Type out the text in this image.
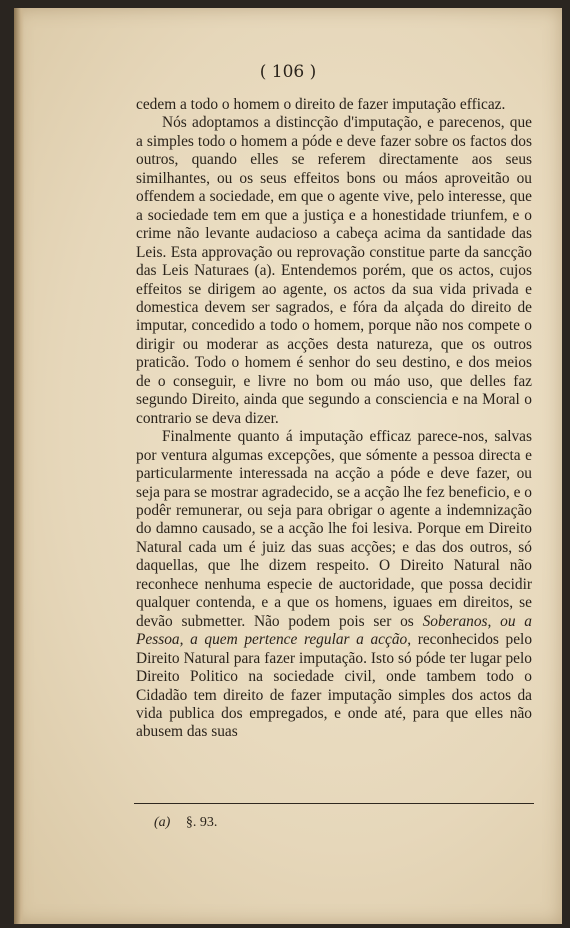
( 106 )

cedem a todo o homem o direito de fazer imputação efficaz.

Nós adoptamos a distincção d'imputação, e parecenos, que a simples todo o homem a póde e deve fazer sobre os factos dos outros, quando elles se referem directamente aos seus similhantes, ou os seus effeitos bons ou máos aproveitão ou offendem a sociedade, em que o agente vive, pelo interesse, que a sociedade tem em que a justiça e a honestidade triunfem, e o crime não levante audacioso a cabeça acima da santidade das Leis. Esta approvação ou reprovação constitue parte da sancção das Leis Naturaes (a). Entendemos porém, que os actos, cujos effeitos se dirigem ao agente, os actos da sua vida privada e domestica devem ser sagrados, e fóra da alçada do direito de imputar, concedido a todo o homem, porque não nos compete o dirigir ou moderar as acções desta natureza, que os outros praticão. Todo o homem é senhor do seu destino, e dos meios de o conseguir, e livre no bom ou máo uso, que delles faz segundo Direito, ainda que segundo a consciencia e na Moral o contrario se deva dizer.

Finalmente quanto á imputação efficaz parece-nos, salvas por ventura algumas excepções, que sómente a pessoa directa e particularmente interessada na acção a póde e deve fazer, ou seja para se mostrar agradecido, se a acção lhe fez beneficio, e o podêr remunerar, ou seja para obrigar o agente a indemnização do damno causado, se a acção lhe foi lesiva. Porque em Direito Natural cada um é juiz das suas acções; e das dos outros, só daquellas, que lhe dizem respeito. O Direito Natural não reconhece nenhuma especie de auctoridade, que possa decidir qualquer contenda, e a que os homens, iguaes em direitos, se devão submetter. Não podem pois ser os Soberanos, ou a Pessoa, a quem pertence regular a acção, reconhecidos pelo Direito Natural para fazer imputação. Isto só póde ter lugar pelo Direito Politico na sociedade civil, onde tambem todo o Cidadão tem direito de fazer imputação simples dos actos da vida publica dos empregados, e onde até, para que elles não abusem das suas

(a) §. 93.
